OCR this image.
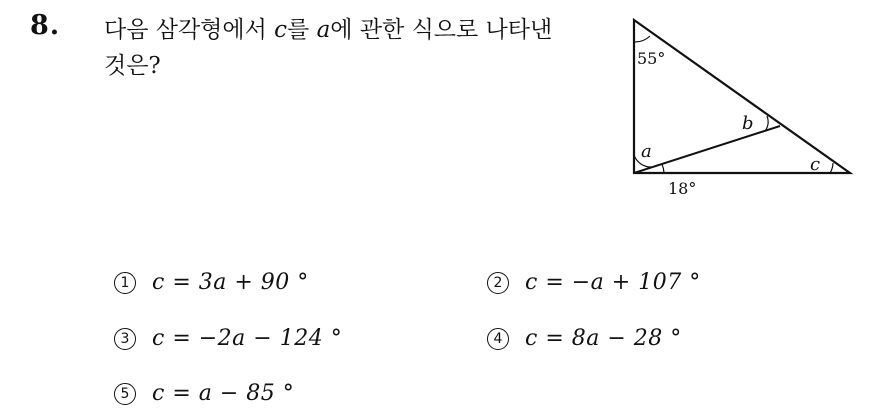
8. 다음 삼각형에서 c를 a에 관한 식으로 나타낸
것은?	55°
a
b
c
18°
1 c = 3a + 90 °	2 c = −a + 107 °
3 c = −2a − 124 °	4 c = 8a − 28 °
5 c = a − 85 °
